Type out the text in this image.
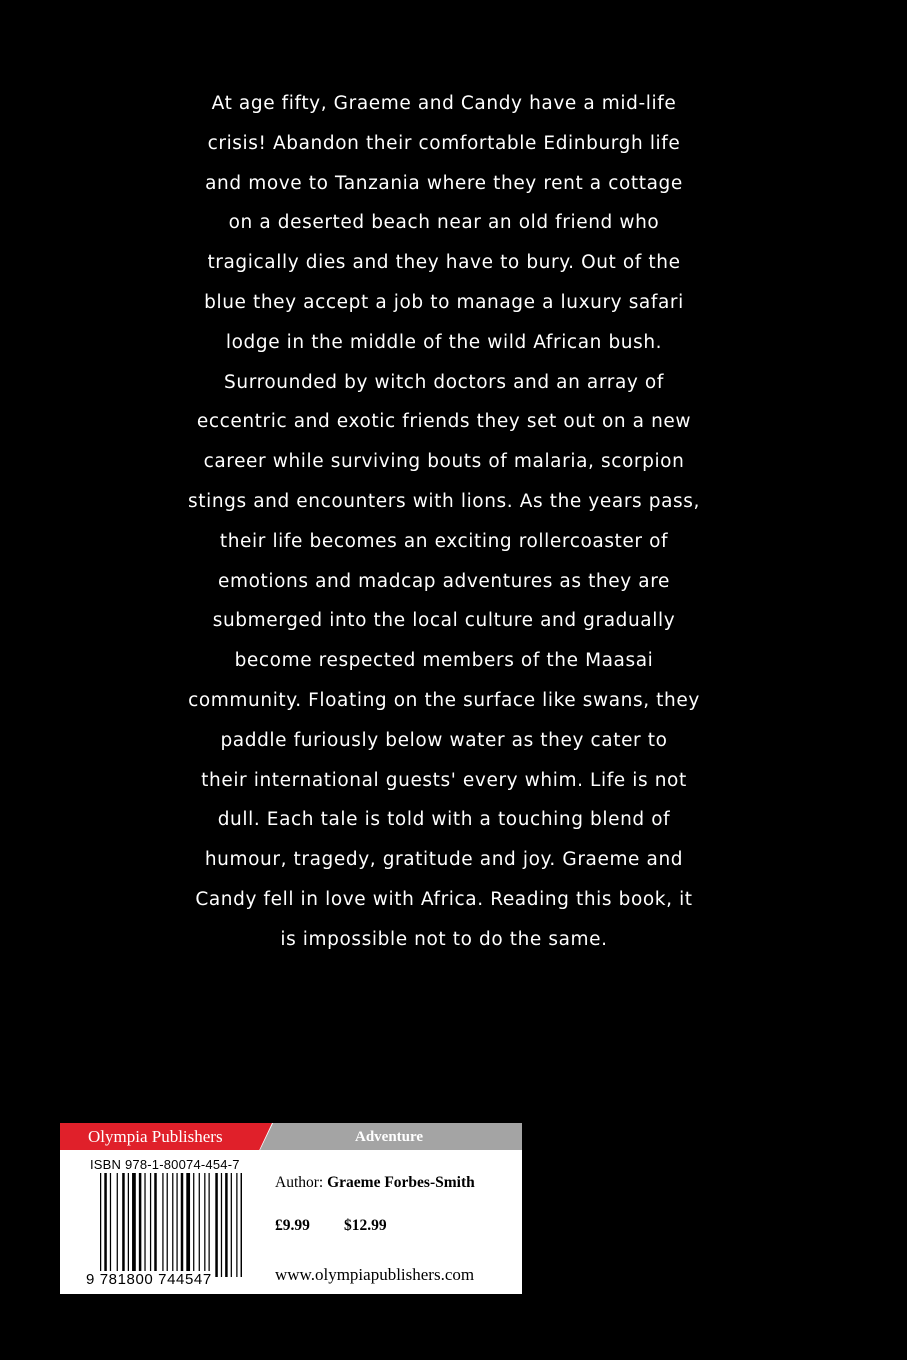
At age fifty, Graeme and Candy have a mid-life
crisis! Abandon their comfortable Edinburgh life
and move to Tanzania where they rent a cottage
on a deserted beach near an old friend who
tragically dies and they have to bury. Out of the
blue they accept a job to manage a luxury safari
lodge in the middle of the wild African bush.
Surrounded by witch doctors and an array of
eccentric and exotic friends they set out on a new
career while surviving bouts of malaria, scorpion
stings and encounters with lions. As the years pass,
their life becomes an exciting rollercoaster of
emotions and madcap adventures as they are
submerged into the local culture and gradually
become respected members of the Maasai
community. Floating on the surface like swans, they
paddle furiously below water as they cater to
their international guests' every whim. Life is not
dull. Each tale is told with a touching blend of
humour, tragedy, gratitude and joy. Graeme and
Candy fell in love with Africa. Reading this book, it
is impossible not to do the same.
Olympia Publishers	Adventure
ISBN 978-1-80074-454-7
9 781800 744547
Author: Graeme Forbes-Smith
£9.99 $12.99
www.olympiapublishers.com
